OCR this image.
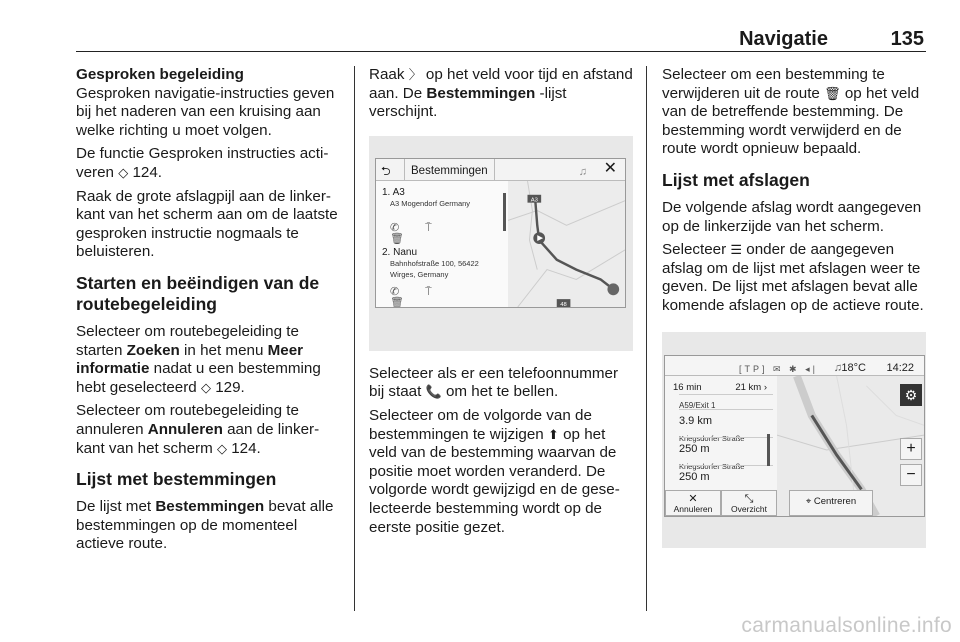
Navigatie	135

Gesproken begeleiding

Gesproken navigatie-instructies geven bij het naderen van een kruising aan welke richting u moet volgen.

De functie Gesproken instructies activeren ◇ 124.

Raak de grote afslagpijl aan de linkerkant van het scherm aan om de laatste gesproken instructie nogmaals te beluisteren.

Starten en beëindigen van de routebegeleiding

Selecteer om routebegeleiding te starten Zoeken in het menu Meer informatie nadat u een bestemming hebt geselecteerd ◇ 129.

Selecteer om routebegeleiding te annuleren Annuleren aan de linkerkant van het scherm ◇ 124.

Lijst met bestemmingen

De lijst met Bestemmingen bevat alle bestemmingen op de momenteel actieve route.

Raak 〉 op het veld voor tijd en afstand aan. De Bestemmingen -lijst verschijnt.

⮌	Bestemmingen	♫ ✕
1. A3
A3 Mogendorf Germany
✆ ⍑ 🗑
2. Nanu
Bahnhofstraße 100, 56422
Wirges, Germany
✆ ⍑ 🗑
A3
48

Selecteer als er een telefoonnummer bij staat 📞 om het te bellen.

Selecteer om de volgorde van de bestemmingen te wijzigen ⬆ op het veld van de bestemming waarvan de positie moet worden veranderd. De volgorde wordt gewijzigd en de geselecteerde bestemming wordt op de eerste positie gezet.

Selecteer om een bestemming te verwijderen uit de route 🗑 op het veld van de betreffende bestemming. De bestemming wordt verwijderd en de route wordt opnieuw bepaald.

Lijst met afslagen

De volgende afslag wordt aangegeven op de linkerzijde van het scherm.

Selecteer ☰ onder de aangegeven afslag om de lijst met afslagen weer te geven. De lijst met afslagen bevat alle komende afslagen op de actieve route.

[TP] ✉ ✱ ◂| ♫ 18°C 14:22
16 min	21 km ›
A59/Exit 1
3.9 km
Kriegsdorfer Straße
250 m
Kriegsdorfer Straße
250 m
⚙
+
−
✕
Annuleren
⤡
Overzicht
⌖ Centreren
carmanualsonline.info
